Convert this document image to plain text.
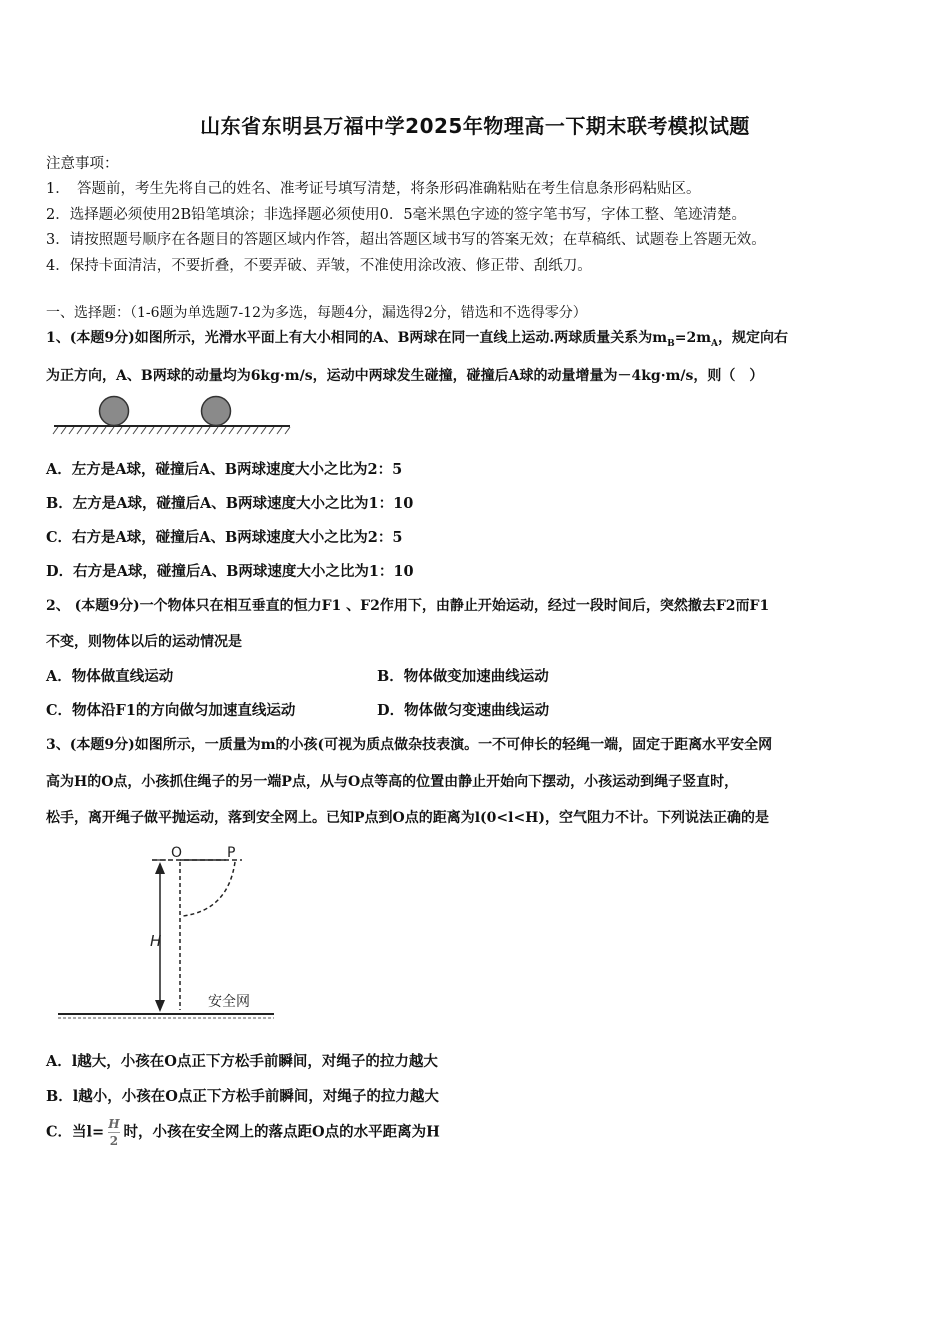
山东省东明县万福中学2025年物理高一下期末联考模拟试题
注意事项：
1．　答题前，考生先将自己的姓名、准考证号填写清楚，将条形码准确粘贴在考生信息条形码粘贴区。
2．选择题必须使用2B铅笔填涂；非选择题必须使用0．5毫米黑色字迹的签字笔书写，字体工整、笔迹清楚。
3．请按照题号顺序在各题目的答题区域内作答，超出答题区域书写的答案无效；在草稿纸、试题卷上答题无效。
4．保持卡面清洁，不要折叠，不要弄破、弄皱，不准使用涂改液、修正带、刮纸刀。
一、选择题：（1-6题为单选题7-12为多选，每题4分，漏选得2分，错选和不选得零分）
1、(本题9分)如图所示，光滑水平面上有大小相同的A、B两球在同一直线上运动.两球质量关系为$m_B=2m_A$，规定向右
为正方向，A、B两球的动量均为6kg·m/s，运动中两球发生碰撞，碰撞后A球的动量增量为－4kg·m/s，则（　）
A．左方是A球，碰撞后A、B两球速度大小之比为2：5
B．左方是A球，碰撞后A、B两球速度大小之比为1：10
C．右方是A球，碰撞后A、B两球速度大小之比为2：5
D．右方是A球，碰撞后A、B两球速度大小之比为1：10
2、 (本题9分)一个物体只在相互垂直的恒力F1 、F2作用下，由静止开始运动，经过一段时间后，突然撤去F2而F1
不变，则物体以后的运动情况是
A．物体做直线运动	B．物体做变加速曲线运动
C．物体沿F1的方向做匀加速直线运动	D．物体做匀变速曲线运动
3、(本题9分)如图所示，一质量为m的小孩(可视为质点做杂技表演。一不可伸长的轻绳一端，固定于距离水平安全网
高为H的O点，小孩抓住绳子的另一端P点，从与O点等高的位置由静止开始向下摆动，小孩运动到绳子竖直时，
松手，离开绳子做平抛运动，落到安全网上。已知P点到O点的距离为l(0<l<H)，空气阻力不计。下列说法正确的是
O	P
H
安全网
A．l越大，小孩在O点正下方松手前瞬间，对绳子的拉力越大
B．l越小，小孩在O点正下方松手前瞬间，对绳子的拉力越大
C．当$l= \frac{H}{2}$ 时，小孩在安全网上的落点距O点的水平距离为H
